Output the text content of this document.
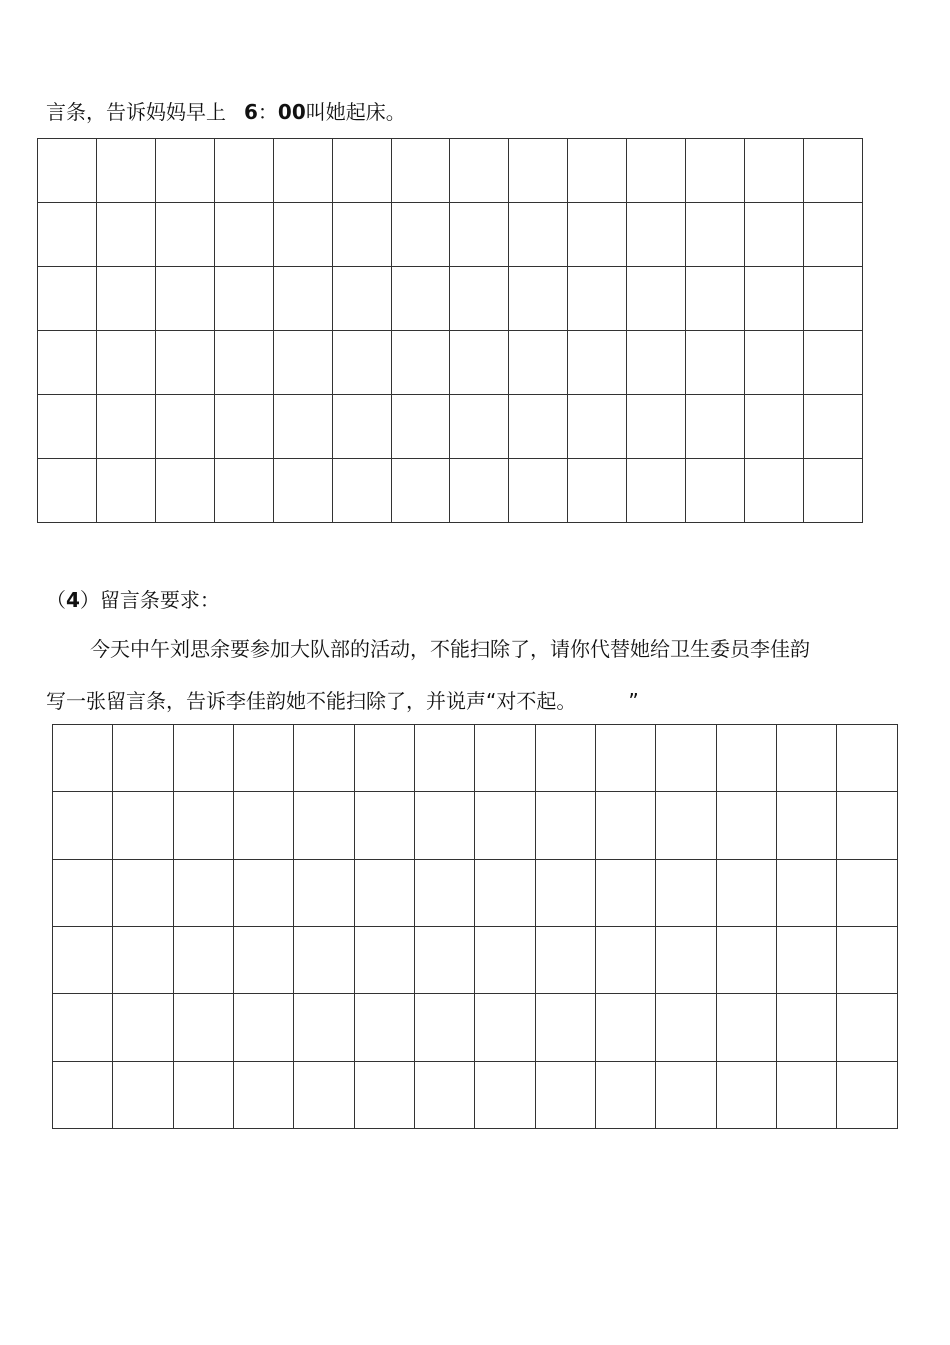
言条，告诉妈妈早上 6：00叫她起床。

（4）留言条要求：
今天中午刘思余要参加大队部的活动，不能扫除了，请你代替她给卫生委员李佳韵
写一张留言条，告诉李佳韵她不能扫除了，并说声“对不起。	”
